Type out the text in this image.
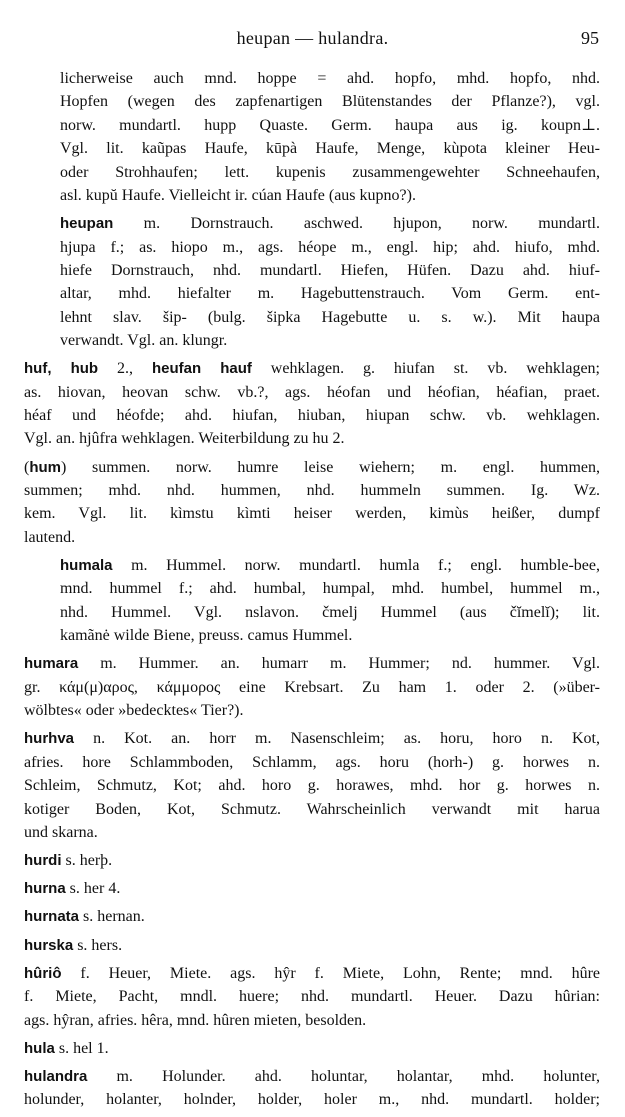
heupan — hulandra.	95
licherweise auch mnd. hoppe = ahd. hopfo, mhd. hopfo, nhd.
Hopfen (wegen des zapfenartigen Blütenstandes der Pflanze?), vgl.
norw. mundartl. hupp Quaste. Germ. haupa aus ig. koupn⊥.
Vgl. lit. kaũpas Haufe, kūpà Haufe, Menge, kùpota kleiner Heu-
oder Strohhaufen; lett. kupenis zusammengewehter Schneehaufen,
asl. kupŭ Haufe. Vielleicht ir. cúan Haufe (aus kupno?).
heupan m. Dornstrauch. aschwed. hjupon, norw. mundartl.
hjupa f.; as. hiopo m., ags. héope m., engl. hip; ahd. hiufo, mhd.
hiefe Dornstrauch, nhd. mundartl. Hiefen, Hüfen. Dazu ahd. hiuf-
altar, mhd. hiefalter m. Hagebuttenstrauch. Vom Germ. ent-
lehnt slav. šip- (bulg. šipka Hagebutte u. s. w.). Mit haupa
verwandt. Vgl. an. klungr.
huf, hub 2., heufan hauf wehklagen. g. hiufan st. vb. wehklagen;
as. hiovan, heovan schw. vb.?, ags. héofan und héofian, héafian, praet.
héaf und héofde; ahd. hiufan, hiuban, hiupan schw. vb. wehklagen.
Vgl. an. hjûfra wehklagen. Weiterbildung zu hu 2.
(hum) summen. norw. humre leise wiehern; m. engl. hummen,
summen; mhd. nhd. hummen, nhd. hummeln summen. Ig. Wz.
kem. Vgl. lit. kìmstu kìmti heiser werden, kimùs heißer, dumpf
lautend.
humala m. Hummel. norw. mundartl. humla f.; engl. humble-bee,
mnd. hummel f.; ahd. humbal, humpal, mhd. humbel, hummel m.,
nhd. Hummel. Vgl. nslavon. čmelj Hummel (aus čĭmelĭ); lit.
kamãnė wilde Biene, preuss. camus Hummel.
humara m. Hummer. an. humarr m. Hummer; nd. hummer. Vgl.
gr. κάμ(μ)αρος, κάμμορος eine Krebsart. Zu ham 1. oder 2. (»über-
wölbtes« oder »bedecktes« Tier?).
hurhva n. Kot. an. horr m. Nasenschleim; as. horu, horo n. Kot,
afries. hore Schlammboden, Schlamm, ags. horu (horh-) g. horwes n.
Schleim, Schmutz, Kot; ahd. horo g. horawes, mhd. hor g. horwes n.
kotiger Boden, Kot, Schmutz. Wahrscheinlich verwandt mit harua
und skarna.
hurdi s. herþ.
hurna s. her 4.
hurnata s. hernan.
hurska s. hers.
hûriô f. Heuer, Miete. ags. hŷr f. Miete, Lohn, Rente; mnd. hûre
f. Miete, Pacht, mndl. huere; nhd. mundartl. Heuer. Dazu hûrian:
ags. hŷran, afries. hêra, mnd. hûren mieten, besolden.
hula s. hel 1.
hulandra m. Holunder. ahd. holuntar, holantar, mhd. holunter,
holunder, holanter, holnder, holder, holer m., nhd. mundartl. holder;
